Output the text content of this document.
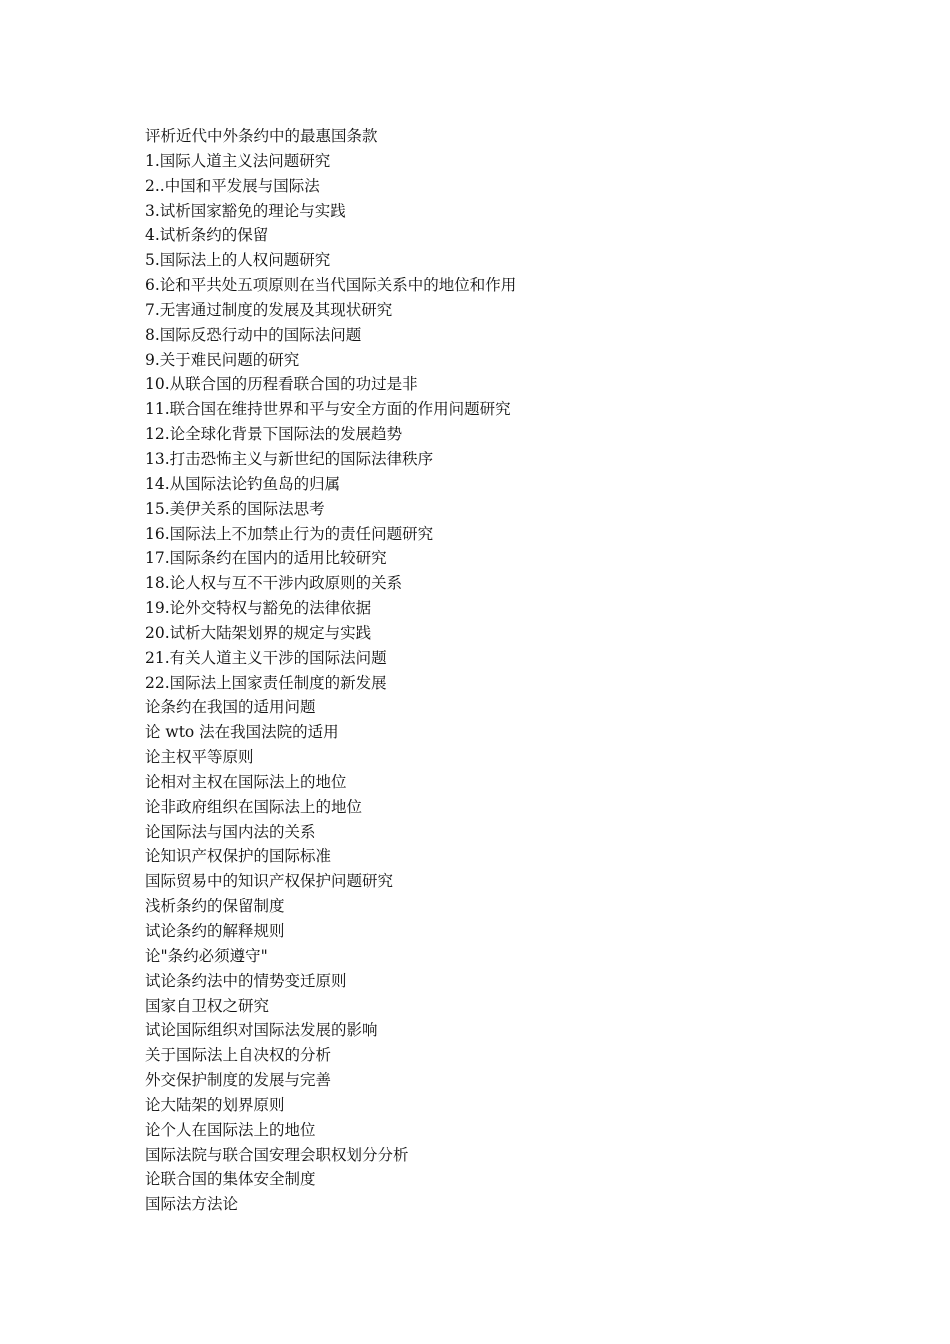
评析近代中外条约中的最惠国条款
1.国际人道主义法问题研究
2..中国和平发展与国际法
3.试析国家豁免的理论与实践
4.试析条约的保留
5.国际法上的人权问题研究
6.论和平共处五项原则在当代国际关系中的地位和作用
7.无害通过制度的发展及其现状研究
8.国际反恐行动中的国际法问题
9.关于难民问题的研究
10.从联合国的历程看联合国的功过是非
11.联合国在维持世界和平与安全方面的作用问题研究
12.论全球化背景下国际法的发展趋势
13.打击恐怖主义与新世纪的国际法律秩序
14.从国际法论钓鱼岛的归属
15.美伊关系的国际法思考
16.国际法上不加禁止行为的责任问题研究
17.国际条约在国内的适用比较研究
18.论人权与互不干涉内政原则的关系
19.论外交特权与豁免的法律依据
20.试析大陆架划界的规定与实践
21.有关人道主义干涉的国际法问题
22.国际法上国家责任制度的新发展
论条约在我国的适用问题
论 wto 法在我国法院的适用
论主权平等原则
论相对主权在国际法上的地位
论非政府组织在国际法上的地位
论国际法与国内法的关系
论知识产权保护的国际标准
国际贸易中的知识产权保护问题研究
浅析条约的保留制度
试论条约的解释规则
论"条约必须遵守"
试论条约法中的情势变迁原则
国家自卫权之研究
试论国际组织对国际法发展的影响
关于国际法上自决权的分析
外交保护制度的发展与完善
论大陆架的划界原则
论个人在国际法上的地位
国际法院与联合国安理会职权划分分析
论联合国的集体安全制度
国际法方法论
